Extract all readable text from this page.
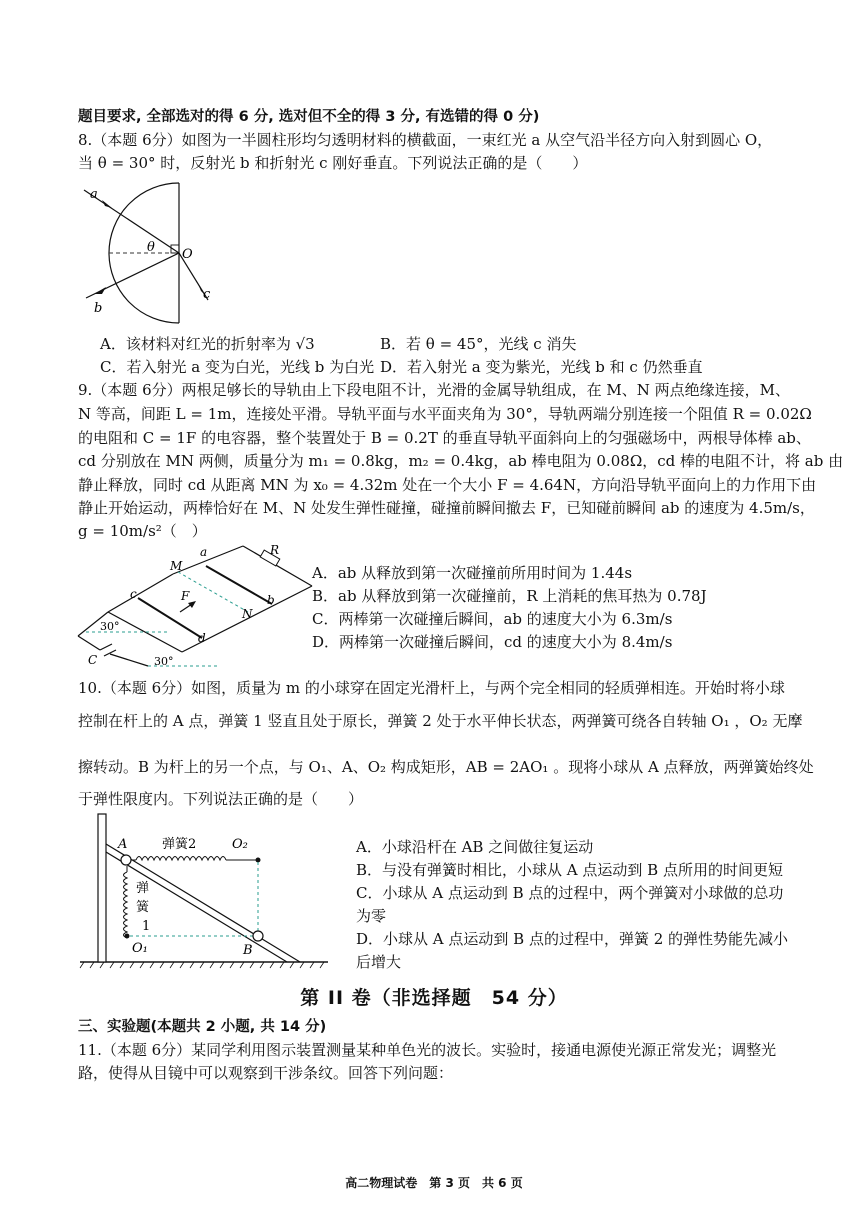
题目要求, 全部选对的得 6 分, 选对但不全的得 3 分, 有选错的得 0 分)
8.（本题 6分）如图为一半圆柱形均匀透明材料的横截面，一束红光 a 从空气沿半径方向入射到圆心 O，
当 θ = 30° 时，反射光 b 和折射光 c 刚好垂直。下列说法正确的是（　　）
a
θ O
c
b
A．该材料对红光的折射率为 √3	B．若 θ = 45°，光线 c 消失
C．若入射光 a 变为白光，光线 b 为白光 D．若入射光 a 变为紫光，光线 b 和 c 仍然垂直
9.（本题 6分）两根足够长的导轨由上下段电阻不计，光滑的金属导轨组成，在 M、N 两点绝缘连接，M、
N 等高，间距 L = 1m，连接处平滑。导轨平面与水平面夹角为 30°，导轨两端分别连接一个阻值 R = 0.02Ω
的电阻和 C = 1F 的电容器，整个装置处于 B = 0.2T 的垂直导轨平面斜向上的匀强磁场中，两根导体棒 ab、
cd 分别放在 MN 两侧，质量分为 m₁ = 0.8kg，m₂ = 0.4kg，ab 棒电阻为 0.08Ω，cd 棒的电阻不计，将 ab 由
静止释放，同时 cd 从距离 MN 为 x₀ = 4.32m 处在一个大小 F = 4.64N，方向沿导轨平面向上的力作用下由
静止开始运动，两棒恰好在 M、N 处发生弹性碰撞，碰撞前瞬间撤去 F，已知碰前瞬间 ab 的速度为 4.5m/s，
g = 10m/s²（　）
M
a	R
b
N
c	F
d
30°
C	30°
A．ab 从释放到第一次碰撞前所用时间为 1.44s
B．ab 从释放到第一次碰撞前，R 上消耗的焦耳热为 0.78J
C．两棒第一次碰撞后瞬间，ab 的速度大小为 6.3m/s
D．两棒第一次碰撞后瞬间，cd 的速度大小为 8.4m/s
10.（本题 6分）如图，质量为 m 的小球穿在固定光滑杆上，与两个完全相同的轻质弹相连。开始时将小球
控制在杆上的 A 点，弹簧 1 竖直且处于原长，弹簧 2 处于水平伸长状态，两弹簧可绕各自转轴 O₁ ，O₂ 无摩
擦转动。B 为杆上的另一个点，与 O₁、A、O₂ 构成矩形，AB = 2AO₁ 。现将小球从 A 点释放，两弹簧始终处
于弹性限度内。下列说法正确的是（　　）
A	弹簧2	O₂
弹
簧
1
O₁	B
A．小球沿杆在 AB 之间做往复运动
B．与没有弹簧时相比，小球从 A 点运动到 B 点所用的时间更短
C．小球从 A 点运动到 B 点的过程中，两个弹簧对小球做的总功
为零
D．小球从 A 点运动到 B 点的过程中，弹簧 2 的弹性势能先减小
后增大
第 II 卷（非选择题　54 分）
三、实验题(本题共 2 小题, 共 14 分)
11.（本题 6分）某同学利用图示装置测量某种单色光的波长。实验时，接通电源使光源正常发光；调整光
路，使得从目镜中可以观察到干涉条纹。回答下列问题：
高二物理试卷　第 3 页　共 6 页
